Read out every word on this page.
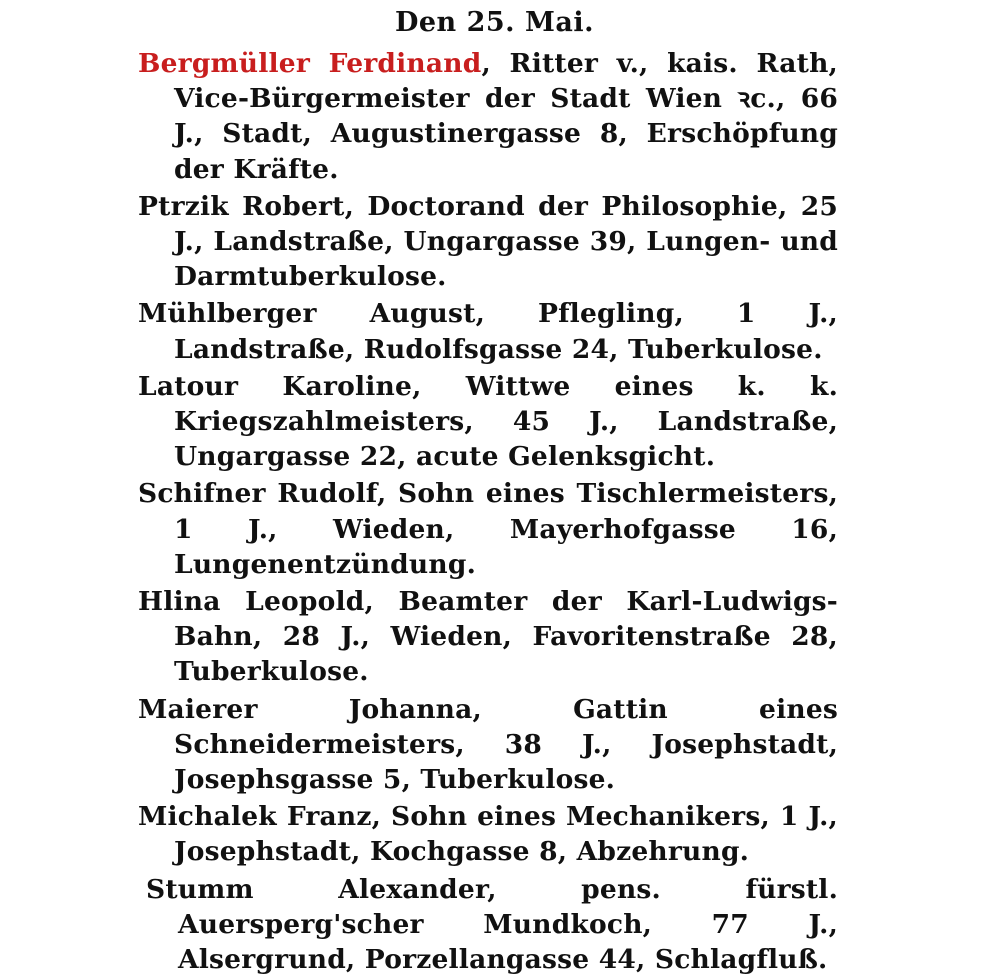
Den 25. Mai.

Bergmüller Ferdinand, Ritter v., kais. Rath, Vice-Bürgermeister der Stadt Wien ꝛc., 66 J., Stadt, Augustinergasse 8, Erschöpfung der Kräfte.

Ptrzik Robert, Doctorand der Philosophie, 25 J., Landstraße, Ungargasse 39, Lungen- und Darmtuberkulose.

Mühlberger August, Pflegling, 1 J., Landstraße, Rudolfsgasse 24, Tuberkulose.

Latour Karoline, Wittwe eines k. k. Kriegszahlmeisters, 45 J., Landstraße, Ungargasse 22, acute Gelenksgicht.

Schifner Rudolf, Sohn eines Tischlermeisters, 1 J., Wieden, Mayerhofgasse 16, Lungenentzündung.

Hlina Leopold, Beamter der Karl-Ludwigs-Bahn, 28 J., Wieden, Favoritenstraße 28, Tuberkulose.

Maierer Johanna, Gattin eines Schneidermeisters, 38 J., Josephstadt, Josephsgasse 5, Tuberkulose.

Michalek Franz, Sohn eines Mechanikers, 1 J., Josephstadt, Kochgasse 8, Abzehrung.

Stumm Alexander, pens. fürstl. Auersperg'scher Mundkoch, 77 J., Alsergrund, Porzellangasse 44, Schlagfluß.
